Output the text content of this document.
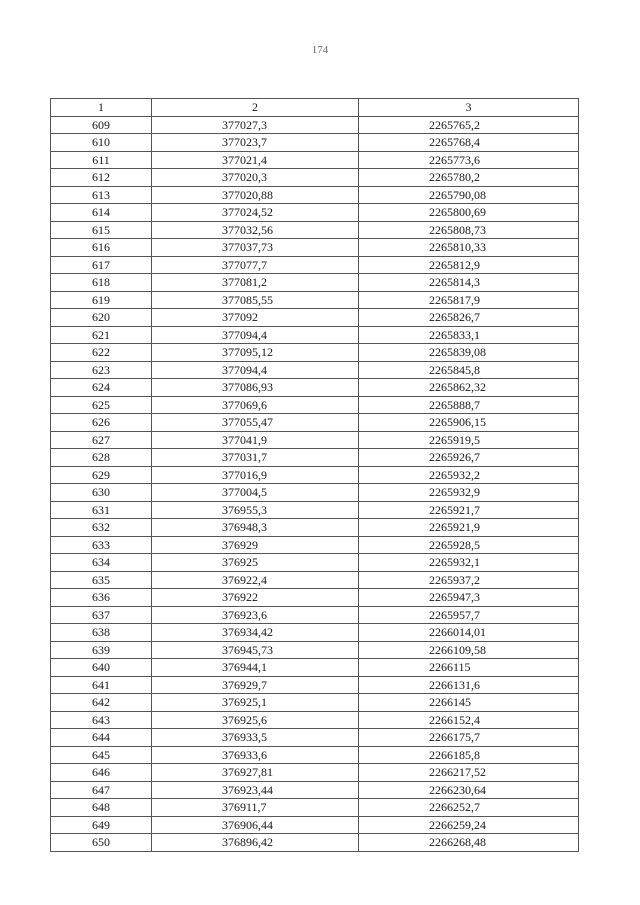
174
1	2	3
609	377027,3	2265765,2
610	377023,7	2265768,4
611	377021,4	2265773,6
612	377020,3	2265780,2
613	377020,88	2265790,08
614	377024,52	2265800,69
615	377032,56	2265808,73
616	377037,73	2265810,33
617	377077,7	2265812,9
618	377081,2	2265814,3
619	377085,55	2265817,9
620	377092	2265826,7
621	377094,4	2265833,1
622	377095,12	2265839,08
623	377094,4	2265845,8
624	377086,93	2265862,32
625	377069,6	2265888,7
626	377055,47	2265906,15
627	377041,9	2265919,5
628	377031,7	2265926,7
629	377016,9	2265932,2
630	377004,5	2265932,9
631	376955,3	2265921,7
632	376948,3	2265921,9
633	376929	2265928,5
634	376925	2265932,1
635	376922,4	2265937,2
636	376922	2265947,3
637	376923,6	2265957,7
638	376934,42	2266014,01
639	376945,73	2266109,58
640	376944,1	2266115
641	376929,7	2266131,6
642	376925,1	2266145
643	376925,6	2266152,4
644	376933,5	2266175,7
645	376933,6	2266185,8
646	376927,81	2266217,52
647	376923,44	2266230,64
648	376911,7	2266252,7
649	376906,44	2266259,24
650	376896,42	2266268,48
